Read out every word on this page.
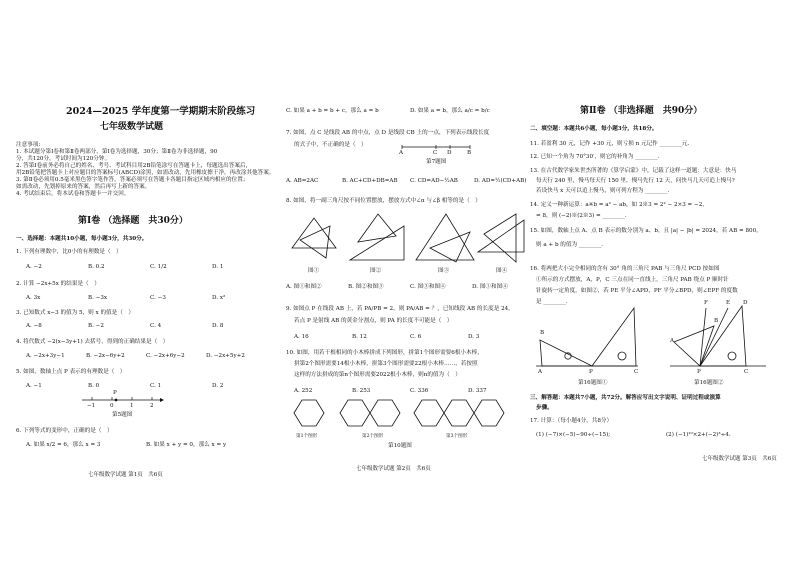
2024—2025 学年度第一学期期末阶段练习
七年级数学试题
注意事项:
1. 本试题分第Ⅰ卷和第Ⅱ卷两部分，第Ⅰ卷为选择题，30分；第Ⅱ卷为非选择题，90
分，共120分，考试时间为120分钟。
2. 答第Ⅰ卷前务必将自己的姓名、考号、考试科目用2B铅笔涂写在答题卡上，每题选出答案后，
用2B铅笔把答题卡上对应题目的答案标号(ABCD)涂黑，如需改动，先用橡皮擦干净，再改涂其他答案。
3. 第Ⅱ卷必须用0.5毫米黑色签字笔作答，答案必须写在答题卡各题目指定区域内相应的位置；
如需改动，先划掉原来的答案，然后再写上新的答案。
4. 考试结束后，将本试卷和答题卡一并交回。
第Ⅰ卷 （选择题　共30分）
一、选择题：本题共10小题，每小题3分，共30分。
1. 下列有理数中，比0小的有理数是（　）
A. −2	B. 0.2	C. 1/2	D. 1
2. 计算 −2x+5x 的结果是（　）
A. 3x	B. −3x	C. −3	D. x²
3. 已知数式 x−3 的值为 5，则 x 的值是（　）
A. −8	B. −2	C. 4	D. 8
4. 将代数式 −2(x−3y+1) 去括号，得到的正确结果是（　）
A. −2x+3y−1	B. −2x−6y+2	C. −2x+6y−2	D. −2x+5y+2
5. 如图，数轴上点 P 表示的有理数是（　）
A. −1	B. 0	C. 1	D. 2
P
−1	0	1	2
第5题图
6. 下列等式的变形中，正确的是（　）
A. 如果 x/2 = 6，那么 x = 3	B. 如果 x + y = 0，那么 x = y
七年级数学试题 第1页　共6页
C. 如果 a + b = b + c，那么 a = b	D. 如果 a = b，那么 a/c = b/c
7. 如图，点 C 是线段 AB 的中点，点 D 是线段 CB 上的一点，下列表示线段长度
的式子中，不正确的是（　）
A	C D	B
第7题图
A. AB=2AC	B. AC+CD+DB=AB C. CD=AD−½AB	D. AD=½(CD+AB)
8. 如图，将一副三角尺按不同位置摆放，摆放方式中∠α 与∠β 相等的是（　）
图①	图②	图③	图④
A. 图①和图②	B. 图②和图③	C. 图③和图④	D. 图①和图④
9. 如图点 P 在线段 AB 上，若 PA/PB = 2，则 PA/AB = ？，已知线段 AB 的长度是 24，
若点 P 是射线 AB 的黄金分割点，则 PA 的长度不可能是（　）
A. 16	B. 12	C. 6	D. 3
10. 如图，用若干根相同的小木棒拼成下列图形，拼第1个图形需要6根小木棒，
拼第2个图形需要14根小木棒，拼第3个图形需要22根小木棒……，若按照
这样的方法拼成的第n个图形需要2022根小木棒，则n的值为（　）
A. 252	B. 253	C. 336	D. 337
第1个图形	第2个图形	第3个图形
第10题图
七年级数学试题 第2页　共6页
第Ⅱ卷 （非选择题　共90分）
二、填空题：本题共6小题，每小题3分，共18分。
11. 若盈利 30 元，记作 +30 元，则亏损 n 元记作 ________元.
12. 已知一个角为 70°30′，则它的补角为 ________.
13. 在古代数学家朱世杰所著的《算学启蒙》中，记载了这样一道题：大意是：快马
每天行 240 里，慢马每天行 150 里，慢马先行 12 天，问快马几天可追上慢马?
若设快马 x 天可以追上慢马，则可列方程为 ________.
14. 定义一种新运算：a※b = a² − ab，如 2※3 = 2² − 2×3 = −2，
= 8，则 (−2)※(2※3) = ________.
15. 如图，数轴上点 A、点 B 表示的数分别为 a、b，且 |a| − |b| = 2024，若 AB = 800，
则 a + b 的值为 ________.
16. 将两把大小完全相同的含有 30° 角的三角尺 PAB 与三角尺 PCD 按如图
①所示的方式摆放，A，P，C 三点在同一直线上，三角尺 PAB 绕点 P 顺时针
针旋转一定角度，如图②，若 PE 平分∠APD，PF 平分∠BPD，则∠EPF 的度数
是 ________.
B
A	P	C
F
B
E D
A
P	C
第16题图①	第16题图②
三、解答题：本题共7小题，共72分。解答应写出文字说明、证明过程或演算
步骤。
17. 计算：（每小题4分，共8分）
(1) (−7)×(−5)−90÷(−15);	(2) (−1)¹⁰×2+(−2)³÷4.
七年级数学试题 第3页　共6页
